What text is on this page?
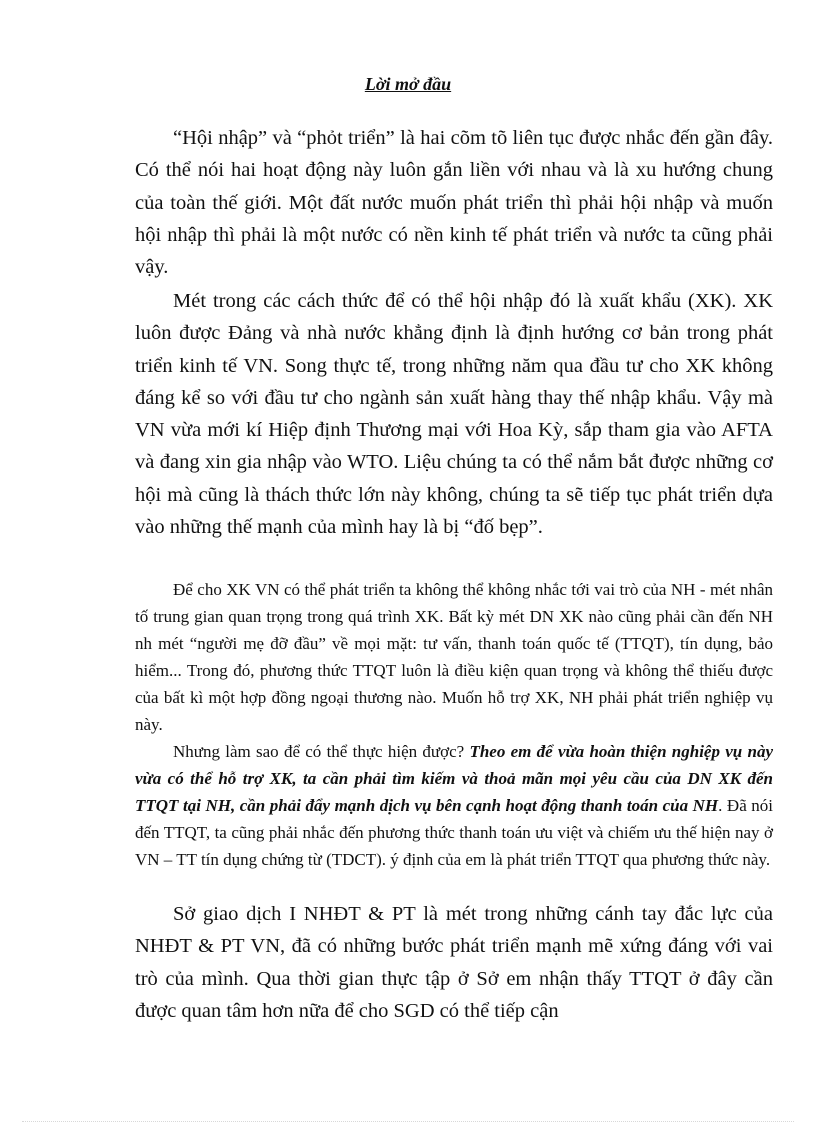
Lời mở đầu

“Hội nhập” và “phỏt triển” là hai cõm tõ liên tục được nhắc đến gần đây. Có thể nói hai hoạt động này luôn gắn liền với nhau và là xu hướng chung của toàn thế giới. Một đất nước muốn phát triển thì phải hội nhập và muốn hội nhập thì phải là một nước có nền kinh tế phát triển và nước ta cũng phải vậy.

Mét trong các cách thức để có thể hội nhập đó là xuất khẩu (XK). XK luôn được Đảng và nhà nước khẳng định là định hướng cơ bản trong phát triển kinh tế VN. Song thực tế, trong những năm qua đầu tư cho XK không đáng kể so với đầu tư cho ngành sản xuất hàng thay thế nhập khẩu. Vậy mà VN vừa mới kí Hiệp định Thương mại với Hoa Kỳ, sắp tham gia vào AFTA và đang xin gia nhập vào WTO. Liệu chúng ta có thể nắm bắt được những cơ hội mà cũng là thách thức lớn này không, chúng ta sẽ tiếp tục phát triển dựa vào những thế mạnh của mình hay là bị “đố bẹp”.

Để cho XK VN có thể phát triển ta không thể không nhắc tới vai trò của NH - mét nhân tố trung gian quan trọng trong quá trình XK. Bất kỳ mét DN XK nào cũng phải cần đến NH nh mét “người mẹ đỡ đầu” về mọi mặt: tư vấn, thanh toán quốc tế (TTQT), tín dụng, bảo hiểm... Trong đó, phương thức TTQT luôn là điều kiện quan trọng và không thể thiếu được của bất kì một hợp đồng ngoại thương nào. Muốn hỗ trợ XK, NH phải phát triển nghiệp vụ này.

Nhưng làm sao để có thể thực hiện được? Theo em để vừa hoàn thiện nghiệp vụ này vừa có thể hỗ trợ XK, ta cần phải tìm kiếm và thoả mãn mọi yêu cầu của DN XK đến TTQT tại NH, cần phải đẩy mạnh dịch vụ bên cạnh hoạt động thanh toán của NH. Đã nói đến TTQT, ta cũng phải nhắc đến phương thức thanh toán ưu việt và chiếm ưu thế hiện nay ở VN – TT tín dụng chứng từ (TDCT). ý định của em là phát triển TTQT qua phương thức này.

Sở giao dịch I NHĐT & PT là mét trong những cánh tay đắc lực của NHĐT & PT VN, đã có những bước phát triển mạnh mẽ xứng đáng với vai trò của mình. Qua thời gian thực tập ở Sở em nhận thấy TTQT ở đây cần được quan tâm hơn nữa để cho SGD có thể tiếp cận
